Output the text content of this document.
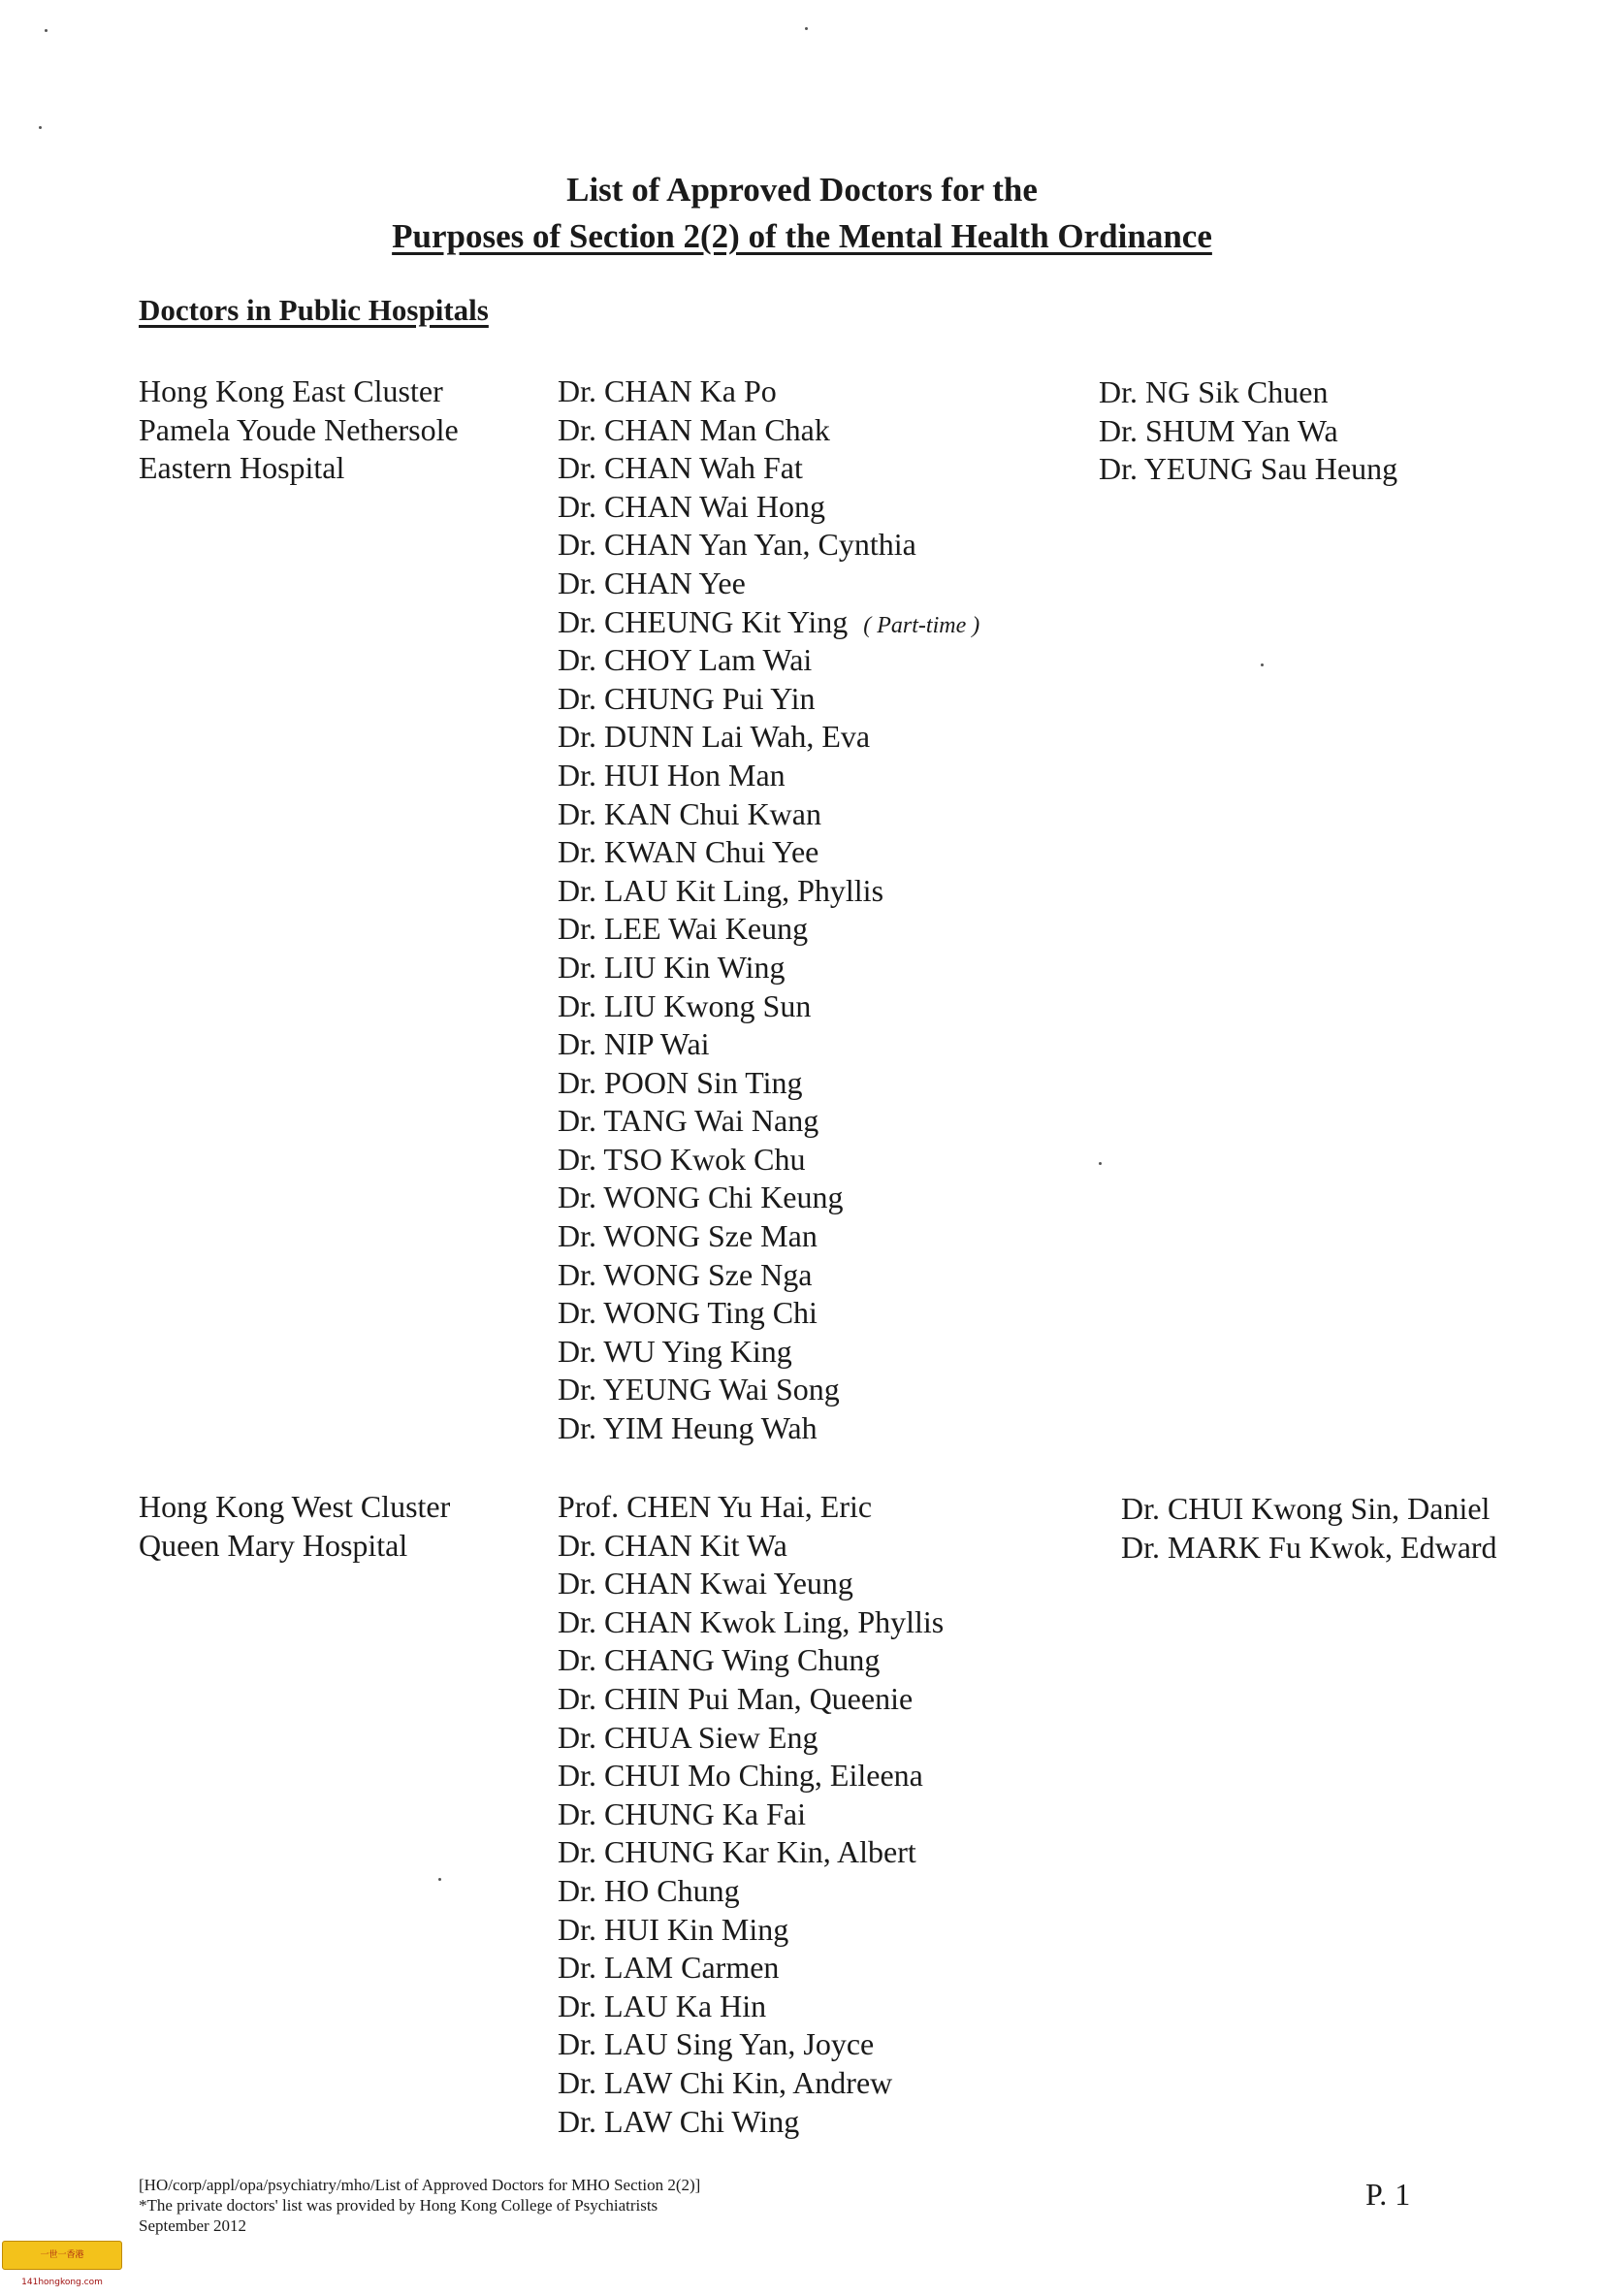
List of Approved Doctors for the
Purposes of Section 2(2) of the Mental Health Ordinance
Doctors in Public Hospitals
Hong Kong East Cluster
Pamela Youde Nethersole
Eastern Hospital
Dr. CHAN Ka Po
Dr. CHAN Man Chak
Dr. CHAN Wah Fat
Dr. CHAN Wai Hong
Dr. CHAN Yan Yan, Cynthia
Dr. CHAN Yee
Dr. CHEUNG Kit Ying ( Part-time )
Dr. CHOY Lam Wai
Dr. CHUNG Pui Yin
Dr. DUNN Lai Wah, Eva
Dr. HUI Hon Man
Dr. KAN Chui Kwan
Dr. KWAN Chui Yee
Dr. LAU Kit Ling, Phyllis
Dr. LEE Wai Keung
Dr. LIU Kin Wing
Dr. LIU Kwong Sun
Dr. NIP Wai
Dr. POON Sin Ting
Dr. TANG Wai Nang
Dr. TSO Kwok Chu
Dr. WONG Chi Keung
Dr. WONG Sze Man
Dr. WONG Sze Nga
Dr. WONG Ting Chi
Dr. WU Ying King
Dr. YEUNG Wai Song
Dr. YIM Heung Wah
Dr. NG Sik Chuen
Dr. SHUM Yan Wa
Dr. YEUNG Sau Heung
Hong Kong West Cluster
Queen Mary Hospital
Prof. CHEN Yu Hai, Eric
Dr. CHAN Kit Wa
Dr. CHAN Kwai Yeung
Dr. CHAN Kwok Ling, Phyllis
Dr. CHANG Wing Chung
Dr. CHIN Pui Man, Queenie
Dr. CHUA Siew Eng
Dr. CHUI Mo Ching, Eileena
Dr. CHUNG Ka Fai
Dr. CHUNG Kar Kin, Albert
Dr. HO Chung
Dr. HUI Kin Ming
Dr. LAM Carmen
Dr. LAU Ka Hin
Dr. LAU Sing Yan, Joyce
Dr. LAW Chi Kin, Andrew
Dr. LAW Chi Wing
Dr. CHUI Kwong Sin, Daniel
Dr. MARK Fu Kwok, Edward
[HO/corp/appl/opa/psychiatry/mho/List of Approved Doctors for MHO Section 2(2)]
*The private doctors' list was provided by Hong Kong College of Psychiatrists
September 2012
P. 1
一世一香港 141hongkong.com
